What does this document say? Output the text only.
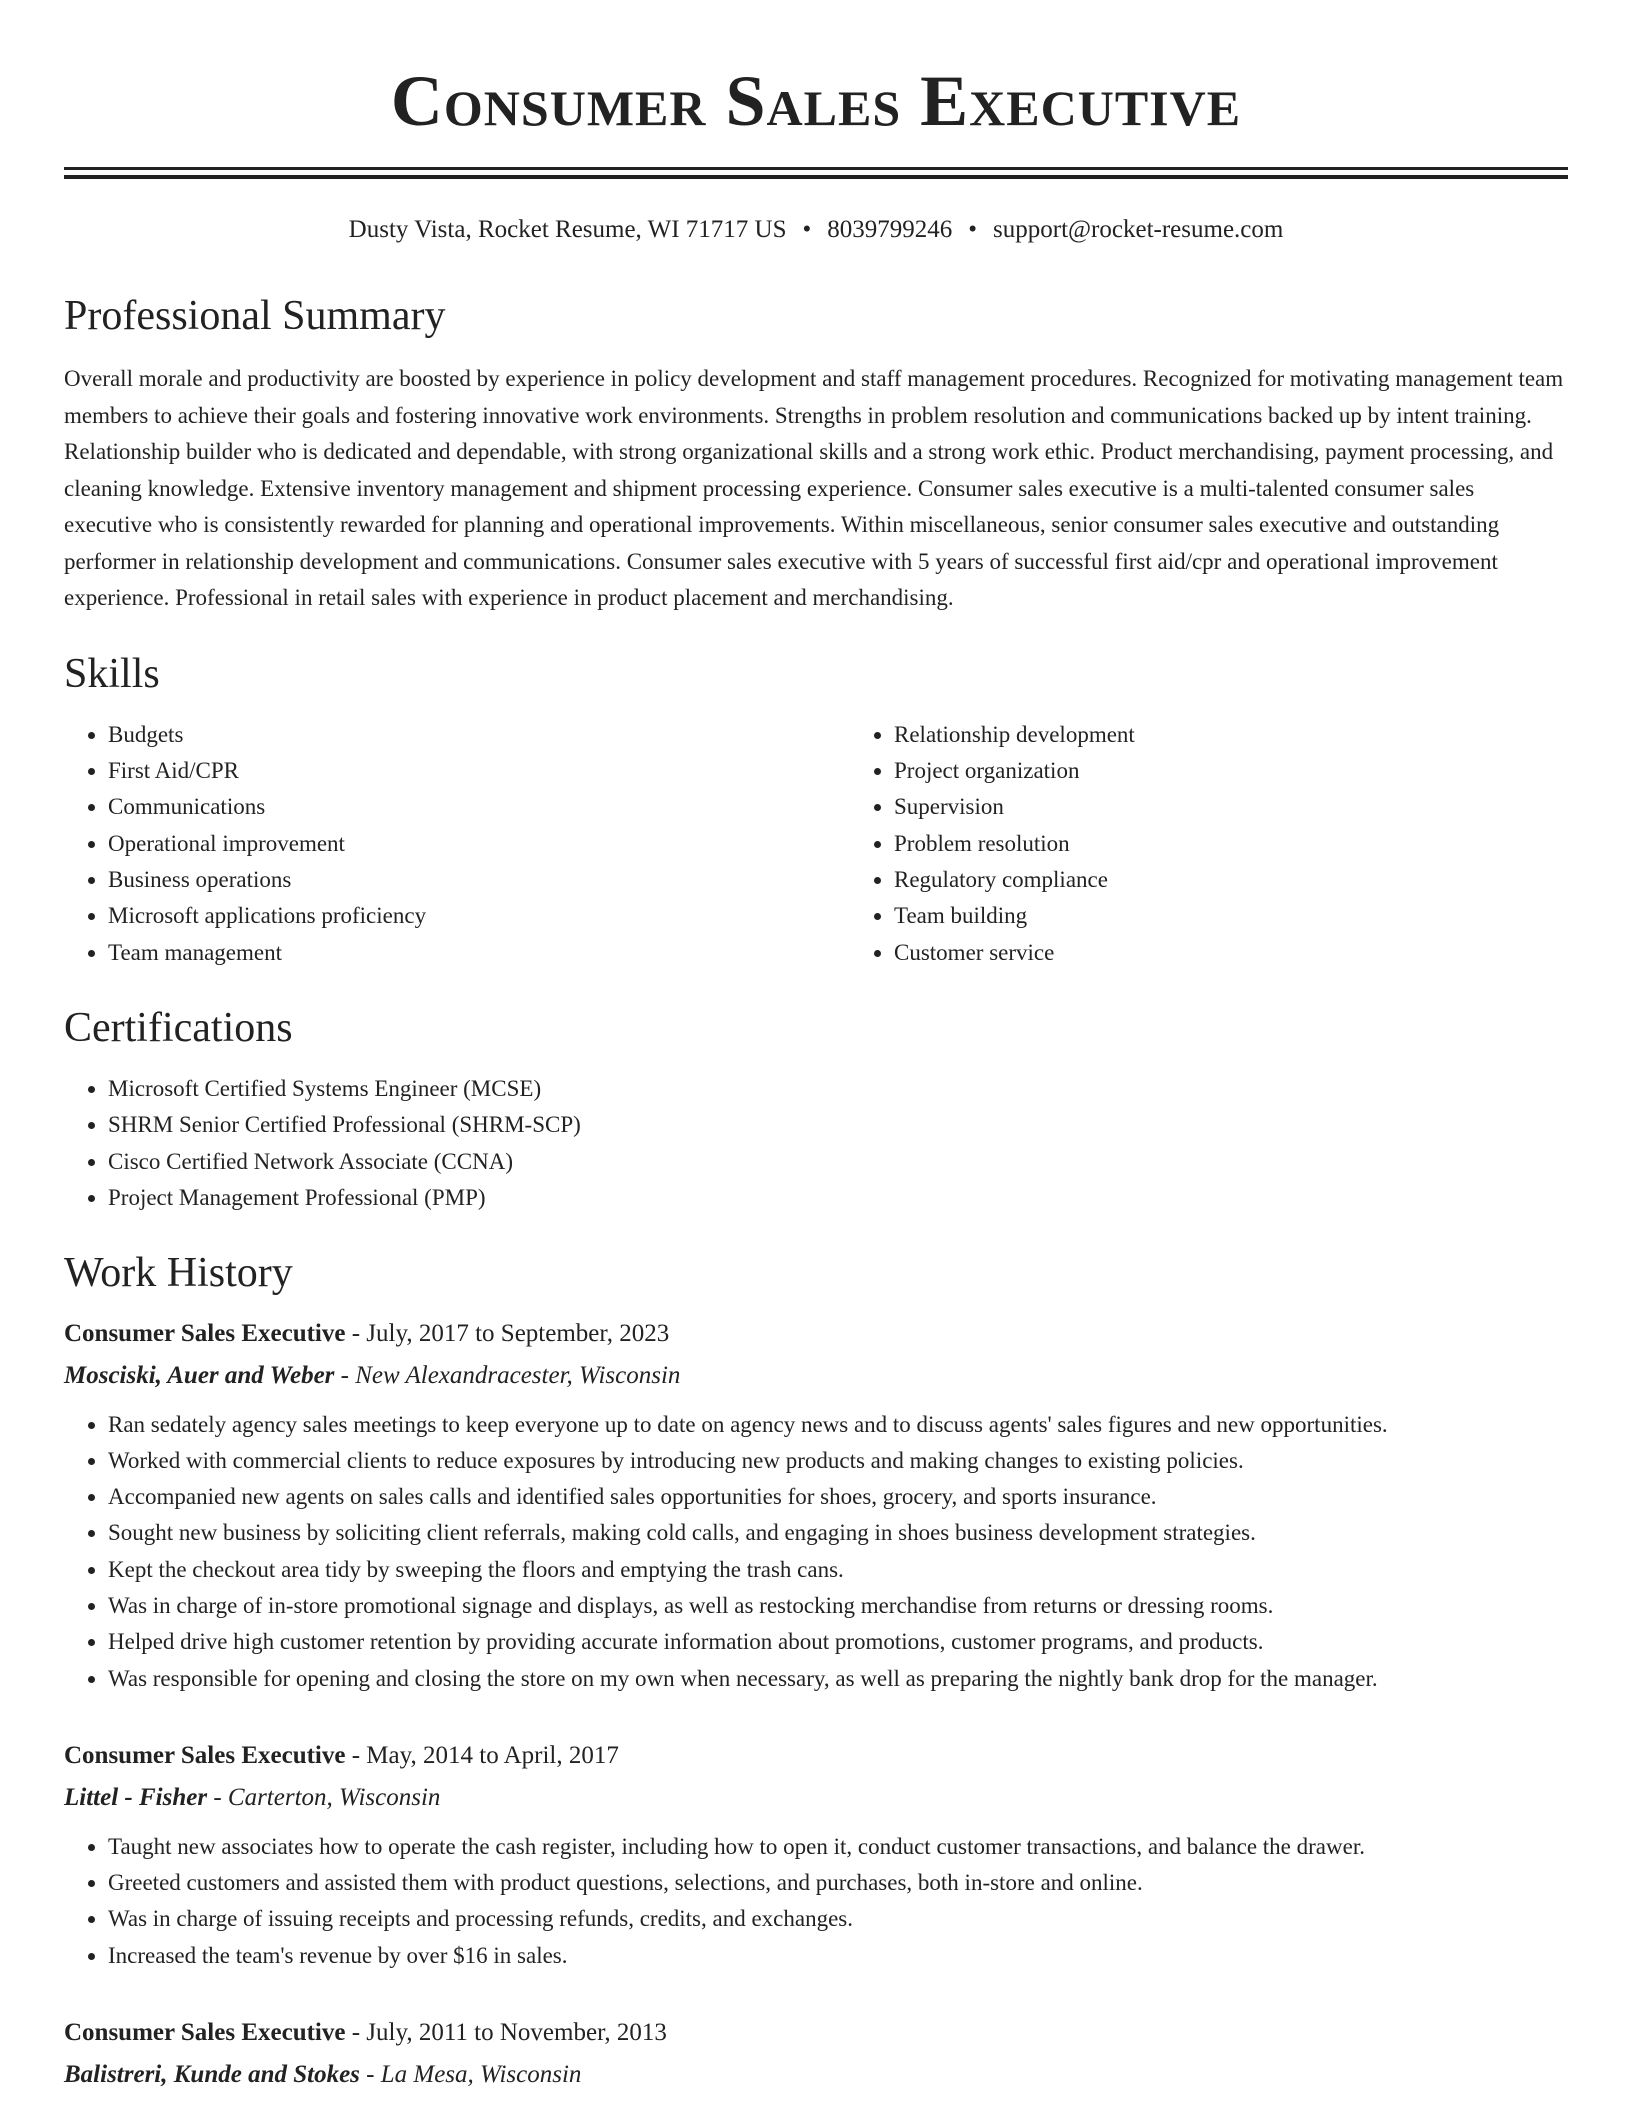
Consumer Sales Executive
Dusty Vista, Rocket Resume, WI 71717 US • 8039799246 • support@rocket-resume.com
Professional Summary

Overall morale and productivity are boosted by experience in policy development and staff management procedures. Recognized for motivating management team members to achieve their goals and fostering innovative work environments. Strengths in problem resolution and communications backed up by intent training. Relationship builder who is dedicated and dependable, with strong organizational skills and a strong work ethic. Product merchandising, payment processing, and cleaning knowledge. Extensive inventory management and shipment processing experience. Consumer sales executive is a multi-talented consumer sales executive who is consistently rewarded for planning and operational improvements. Within miscellaneous, senior consumer sales executive and outstanding performer in relationship development and communications. Consumer sales executive with 5 years of successful first aid/cpr and operational improvement experience. Professional in retail sales with experience in product placement and merchandising.

Skills
• Budgets
• First Aid/CPR
• Communications
• Operational improvement
• Business operations
• Microsoft applications proficiency
• Team management
• Relationship development
• Project organization
• Supervision
• Problem resolution
• Regulatory compliance
• Team building
• Customer service
Certifications
• Microsoft Certified Systems Engineer (MCSE)
• SHRM Senior Certified Professional (SHRM-SCP)
• Cisco Certified Network Associate (CCNA)
• Project Management Professional (PMP)
Work History
Consumer Sales Executive - July, 2017 to September, 2023
Mosciski, Auer and Weber - New Alexandracester, Wisconsin
• Ran sedately agency sales meetings to keep everyone up to date on agency news and to discuss agents' sales figures and new opportunities.
• Worked with commercial clients to reduce exposures by introducing new products and making changes to existing policies.
• Accompanied new agents on sales calls and identified sales opportunities for shoes, grocery, and sports insurance.
• Sought new business by soliciting client referrals, making cold calls, and engaging in shoes business development strategies.
• Kept the checkout area tidy by sweeping the floors and emptying the trash cans.
• Was in charge of in-store promotional signage and displays, as well as restocking merchandise from returns or dressing rooms.
• Helped drive high customer retention by providing accurate information about promotions, customer programs, and products.
• Was responsible for opening and closing the store on my own when necessary, as well as preparing the nightly bank drop for the manager.
Consumer Sales Executive - May, 2014 to April, 2017
Littel - Fisher - Carterton, Wisconsin
• Taught new associates how to operate the cash register, including how to open it, conduct customer transactions, and balance the drawer.
• Greeted customers and assisted them with product questions, selections, and purchases, both in-store and online.
• Was in charge of issuing receipts and processing refunds, credits, and exchanges.
• Increased the team's revenue by over $16 in sales.
Consumer Sales Executive - July, 2011 to November, 2013
Balistreri, Kunde and Stokes - La Mesa, Wisconsin
